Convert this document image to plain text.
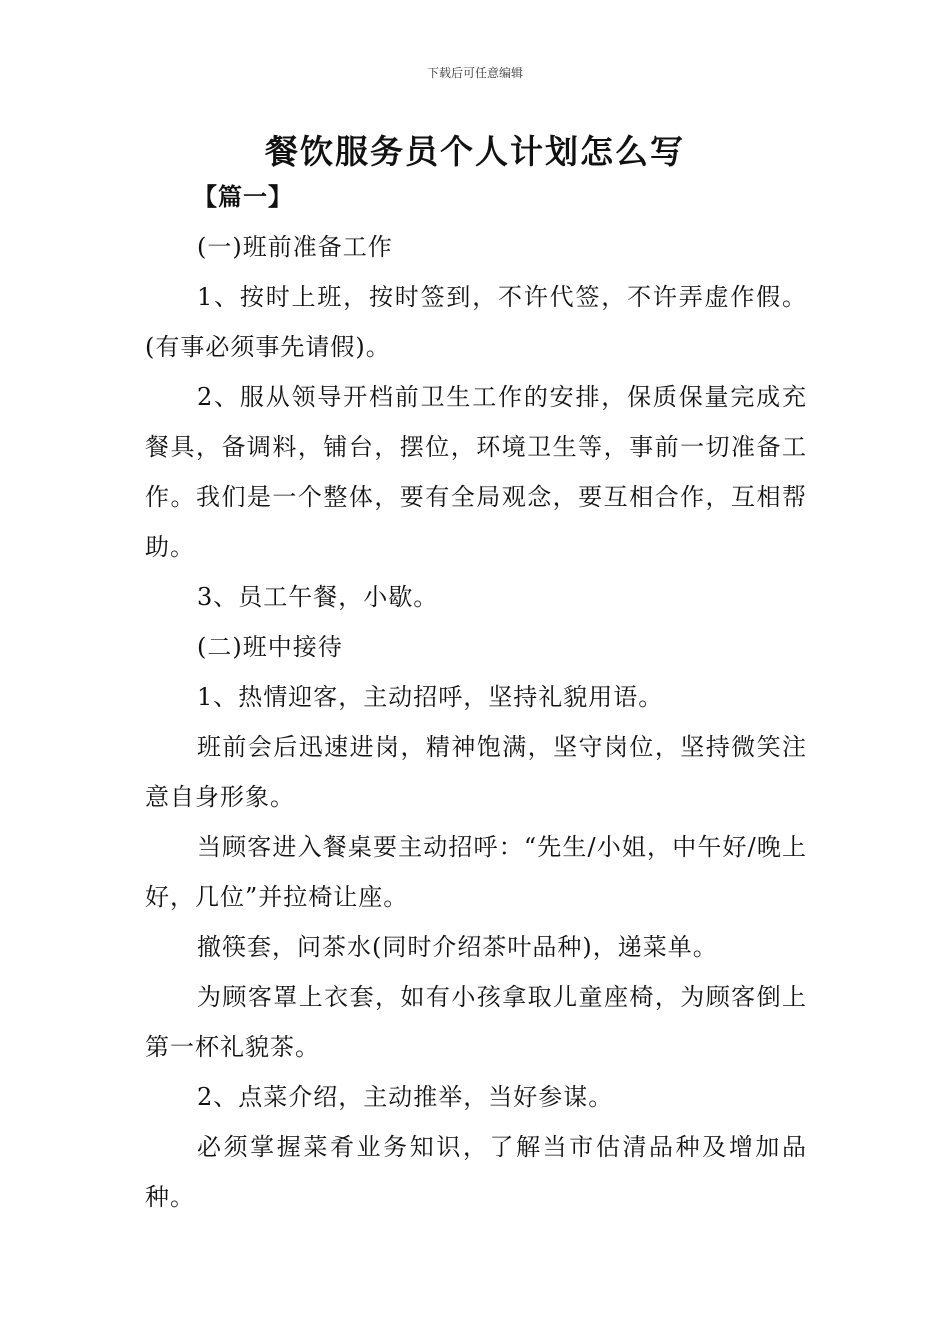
下载后可任意编辑
餐饮服务员个人计划怎么写

【篇一】

(一)班前准备工作

1、按时上班，按时签到，不许代签，不许弄虚作假。(有事必须事先请假)。

2、服从领导开档前卫生工作的安排，保质保量完成充餐具，备调料，铺台，摆位，环境卫生等，事前一切准备工作。我们是一个整体，要有全局观念，要互相合作，互相帮助。

3、员工午餐，小歇。

(二)班中接待

1、热情迎客，主动招呼，坚持礼貌用语。

班前会后迅速进岗，精神饱满，坚守岗位，坚持微笑注意自身形象。

当顾客进入餐桌要主动招呼：“先生/小姐，中午好/晚上好，几位”并拉椅让座。

撤筷套，问茶水(同时介绍茶叶品种)，递菜单。

为顾客罩上衣套，如有小孩拿取儿童座椅，为顾客倒上第一杯礼貌茶。

2、点菜介绍，主动推举，当好参谋。

必须掌握菜肴业务知识，了解当市估清品种及增加品种。
